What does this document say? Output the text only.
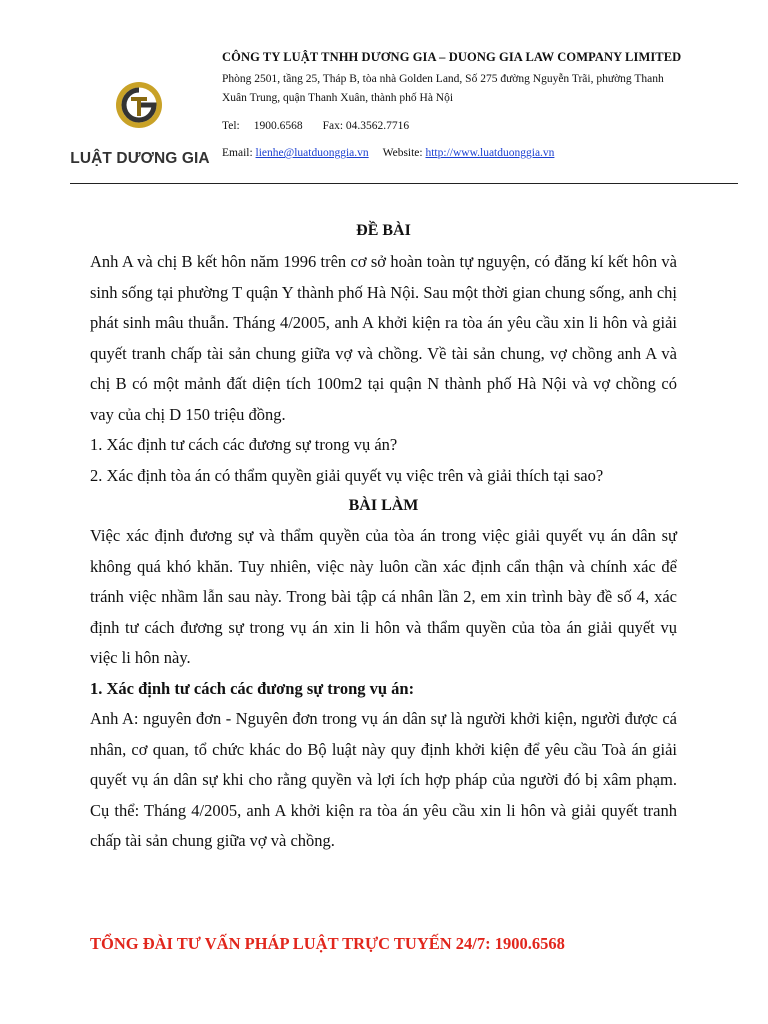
LUẬT DƯƠNG GIA
CÔNG TY LUẬT TNHH DƯƠNG GIA – DUONG GIA LAW COMPANY LIMITED
Phòng 2501, tầng 25, Tháp B, tòa nhà Golden Land, Số 275 đường Nguyễn Trãi, phường Thanh
Xuân Trung, quận Thanh Xuân, thành phố Hà Nội
Tel: 1900.6568 Fax: 04.3562.7716
Email: lienhe@luatduonggia.vn Website: http://www.luatduonggia.vn
ĐỀ BÀI

Anh A và chị B kết hôn năm 1996 trên cơ sở hoàn toàn tự nguyện, có đăng kí kết hôn và sinh sống tại phường T quận Y thành phố Hà Nội. Sau một thời gian chung sống, anh chị phát sinh mâu thuẫn. Tháng 4/2005, anh A khởi kiện ra tòa án yêu cầu xin li hôn và giải quyết tranh chấp tài sản chung giữa vợ và chồng. Về tài sản chung, vợ chồng anh A và chị B có một mảnh đất diện tích 100m2 tại quận N thành phố Hà Nội và vợ chồng có vay của chị D 150 triệu đồng.

1. Xác định tư cách các đương sự trong vụ án?

2. Xác định tòa án có thẩm quyền giải quyết vụ việc trên và giải thích tại sao?

BÀI LÀM

Việc xác định đương sự và thẩm quyền của tòa án trong việc giải quyết vụ án dân sự không quá khó khăn. Tuy nhiên, việc này luôn cần xác định cẩn thận và chính xác để tránh việc nhầm lẫn sau này. Trong bài tập cá nhân lần 2, em xin trình bày đề số 4, xác định tư cách đương sự trong vụ án xin li hôn và thẩm quyền của tòa án giải quyết vụ việc li hôn này.

1. Xác định tư cách các đương sự trong vụ án:

Anh A: nguyên đơn - Nguyên đơn trong vụ án dân sự là người khởi kiện, người được cá nhân, cơ quan, tổ chức khác do Bộ luật này quy định khởi kiện để yêu cầu Toà án giải quyết vụ án dân sự khi cho rằng quyền và lợi ích hợp pháp của người đó bị xâm phạm. Cụ thể: Tháng 4/2005, anh A khởi kiện ra tòa án yêu cầu xin li hôn và giải quyết tranh chấp tài sản chung giữa vợ và chồng.

TỔNG ĐÀI TƯ VẤN PHÁP LUẬT TRỰC TUYẾN 24/7: 1900.6568
